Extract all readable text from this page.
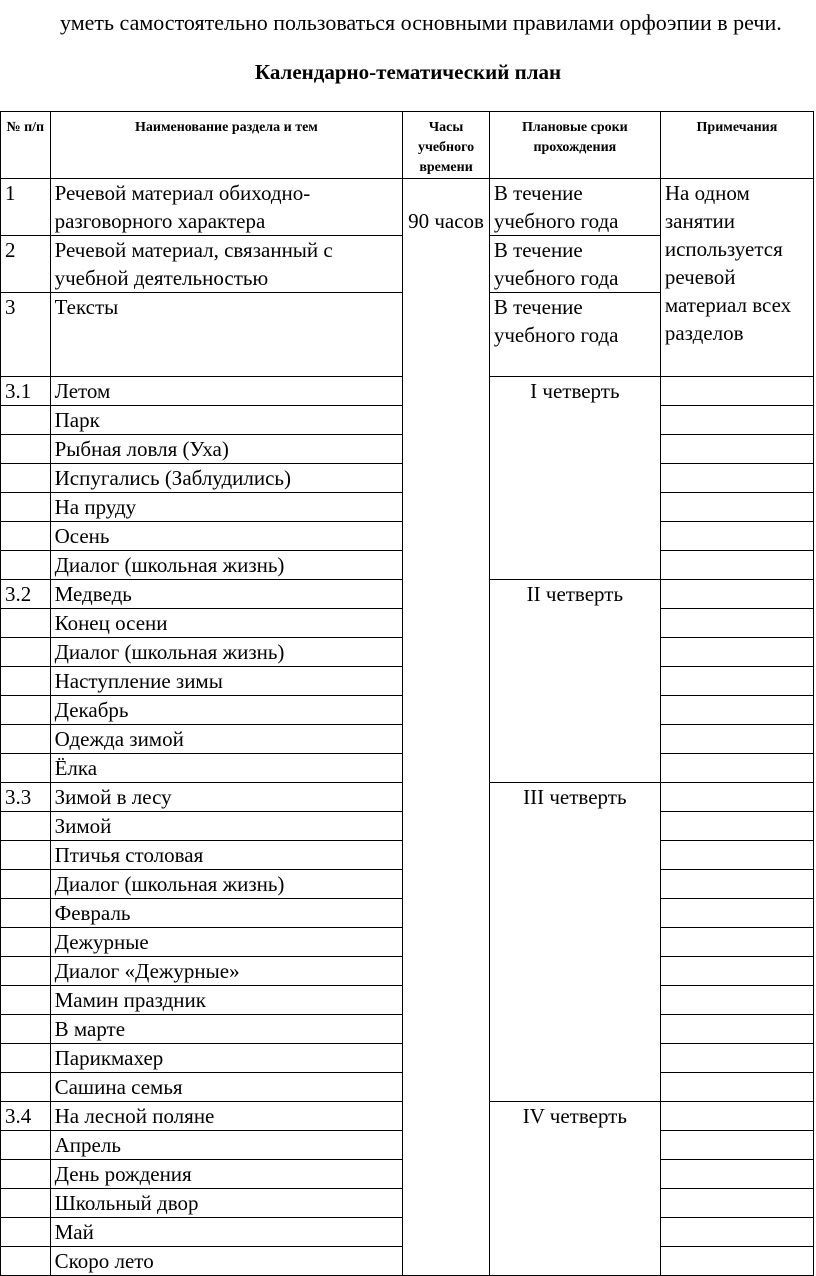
уметь самостоятельно пользоваться основными правилами орфоэпии в речи.

Календарно-тематический план
№ п/п	Наименование раздела и тем	Часы учебного времени	Плановые сроки прохождения	Примечания
1	Речевой материал обиходно-разговорного характера	90 часов	В течение учебного года	На одном занятии используется речевой материал всех разделов
2	Речевой материал, связанный с учебной деятельностью		В течение учебного года	
3	Тексты		В течение учебного года	
3.1	Летом		I четверть	
	Парк			
	Рыбная ловля (Уха)			
	Испугались (Заблудились)			
	На пруду			
	Осень			
	Диалог (школьная жизнь)			
3.2	Медведь		II четверть	
	Конец осени			
	Диалог (школьная жизнь)			
	Наступление зимы			
	Декабрь			
	Одежда зимой			
	Ёлка			
3.3	Зимой в лесу		III четверть	
	Зимой			
	Птичья столовая			
	Диалог (школьная жизнь)			
	Февраль			
	Дежурные			
	Диалог «Дежурные»			
	Мамин праздник			
	В марте			
	Парикмахер			
	Сашина семья			
3.4	На лесной поляне		IV четверть	
	Апрель			
	День рождения			
	Школьный двор			
	Май			
	Скоро лето			
